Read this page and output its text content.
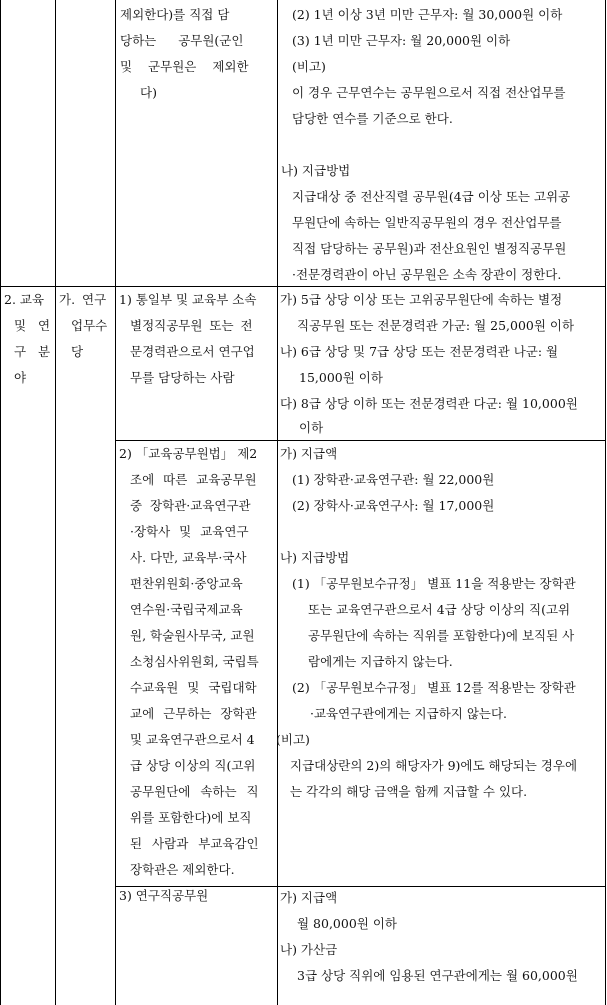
제외한다)를 직접 담
당하는 공무원(군인
및 군무원은 제외한
다)
(2) 1년 이상 3년 미만 근무자: 월 30,000원 이하
(3) 1년 미만 근무자: 월 20,000원 이하
(비고)
이 경우 근무연수는 공무원으로서 직접 전산업무를
담당한 연수를 기준으로 한다.
나) 지급방법
지급대상 중 전산직렬 공무원(4급 이상 또는 고위공
무원단에 속하는 일반직공무원의 경우 전산업무를
직접 담당하는 공무원)과 전산요원인 별정직공무원
·전문경력관이 아닌 공무원은 소속 장관이 정한다.
2. 교육
및 연
구 분
야
가. 연구
업무수
당
1) 통일부 및 교육부 소속
별정직공무원 또는 전
문경력관으로서 연구업
무를 담당하는 사람
가) 5급 상당 이상 또는 고위공무원단에 속하는 별정
직공무원 또는 전문경력관 가군: 월 25,000원 이하
나) 6급 상당 및 7급 상당 또는 전문경력관 나군: 월
15,000원 이하
다) 8급 상당 이하 또는 전문경력관 다군: 월 10,000원
이하
2) 「교육공무원법」 제2
조에 따른 교육공무원
중 장학관·교육연구관
·장학사 및 교육연구
사. 다만, 교육부·국사
편찬위원회·중앙교육
연수원·국립국제교육
원, 학술원사무국, 교원
소청심사위원회, 국립특
수교육원 및 국립대학
교에 근무하는 장학관
및 교육연구관으로서 4
급 상당 이상의 직(고위
공무원단에 속하는 직
위를 포함한다)에 보직
된 사람과 부교육감인
장학관은 제외한다.
가) 지급액
(1) 장학관·교육연구관: 월 22,000원
(2) 장학사·교육연구사: 월 17,000원
나) 지급방법
(1) 「공무원보수규정」 별표 11을 적용받는 장학관
또는 교육연구관으로서 4급 상당 이상의 직(고위
공무원단에 속하는 직위를 포함한다)에 보직된 사
람에게는 지급하지 않는다.
(2) 「공무원보수규정」 별표 12를 적용받는 장학관
·교육연구관에게는 지급하지 않는다.
(비고)
지급대상란의 2)의 해당자가 9)에도 해당되는 경우에
는 각각의 해당 금액을 함께 지급할 수 있다.
3) 연구직공무원	가) 지급액
월 80,000원 이하
나) 가산금
3급 상당 직위에 임용된 연구관에게는 월 60,000원
